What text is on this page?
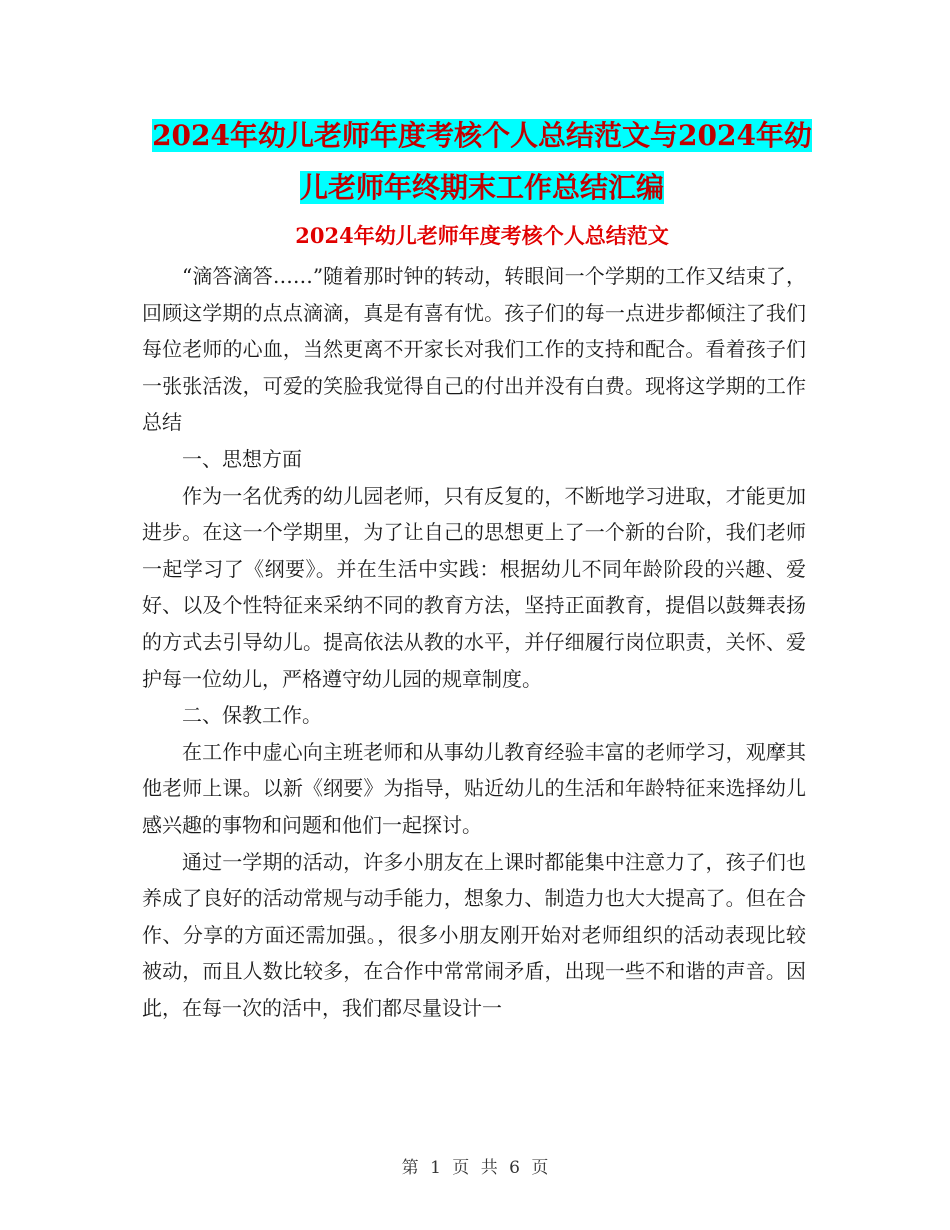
2024年幼儿老师年度考核个人总结范文与2024年幼儿老师年终期末工作总结汇编
2024年幼儿老师年度考核个人总结范文

“滴答滴答……”随着那时钟的转动，转眼间一个学期的工作又结束了，回顾这学期的点点滴滴，真是有喜有忧。孩子们的每一点进步都倾注了我们每位老师的心血，当然更离不开家长对我们工作的支持和配合。看着孩子们一张张活泼，可爱的笑脸我觉得自己的付出并没有白费。现将这学期的工作总结

一、思想方面

作为一名优秀的幼儿园老师，只有反复的，不断地学习进取，才能更加进步。在这一个学期里，为了让自己的思想更上了一个新的台阶，我们老师一起学习了《纲要》。并在生活中实践：根据幼儿不同年龄阶段的兴趣、爱好、以及个性特征来采纳不同的教育方法，坚持正面教育，提倡以鼓舞表扬的方式去引导幼儿。提高依法从教的水平，并仔细履行岗位职责，关怀、爱护每一位幼儿，严格遵守幼儿园的规章制度。

二、保教工作。

在工作中虚心向主班老师和从事幼儿教育经验丰富的老师学习，观摩其他老师上课。以新《纲要》为指导，贴近幼儿的生活和年龄特征来选择幼儿感兴趣的事物和问题和他们一起探讨。

通过一学期的活动，许多小朋友在上课时都能集中注意力了，孩子们也养成了良好的活动常规与动手能力，想象力、制造力也大大提高了。但在合作、分享的方面还需加强。，很多小朋友刚开始对老师组织的活动表现比较被动，而且人数比较多，在合作中常常闹矛盾，出现一些不和谐的声音。因此，在每一次的活中，我们都尽量设计一

第 1 页 共 6 页
